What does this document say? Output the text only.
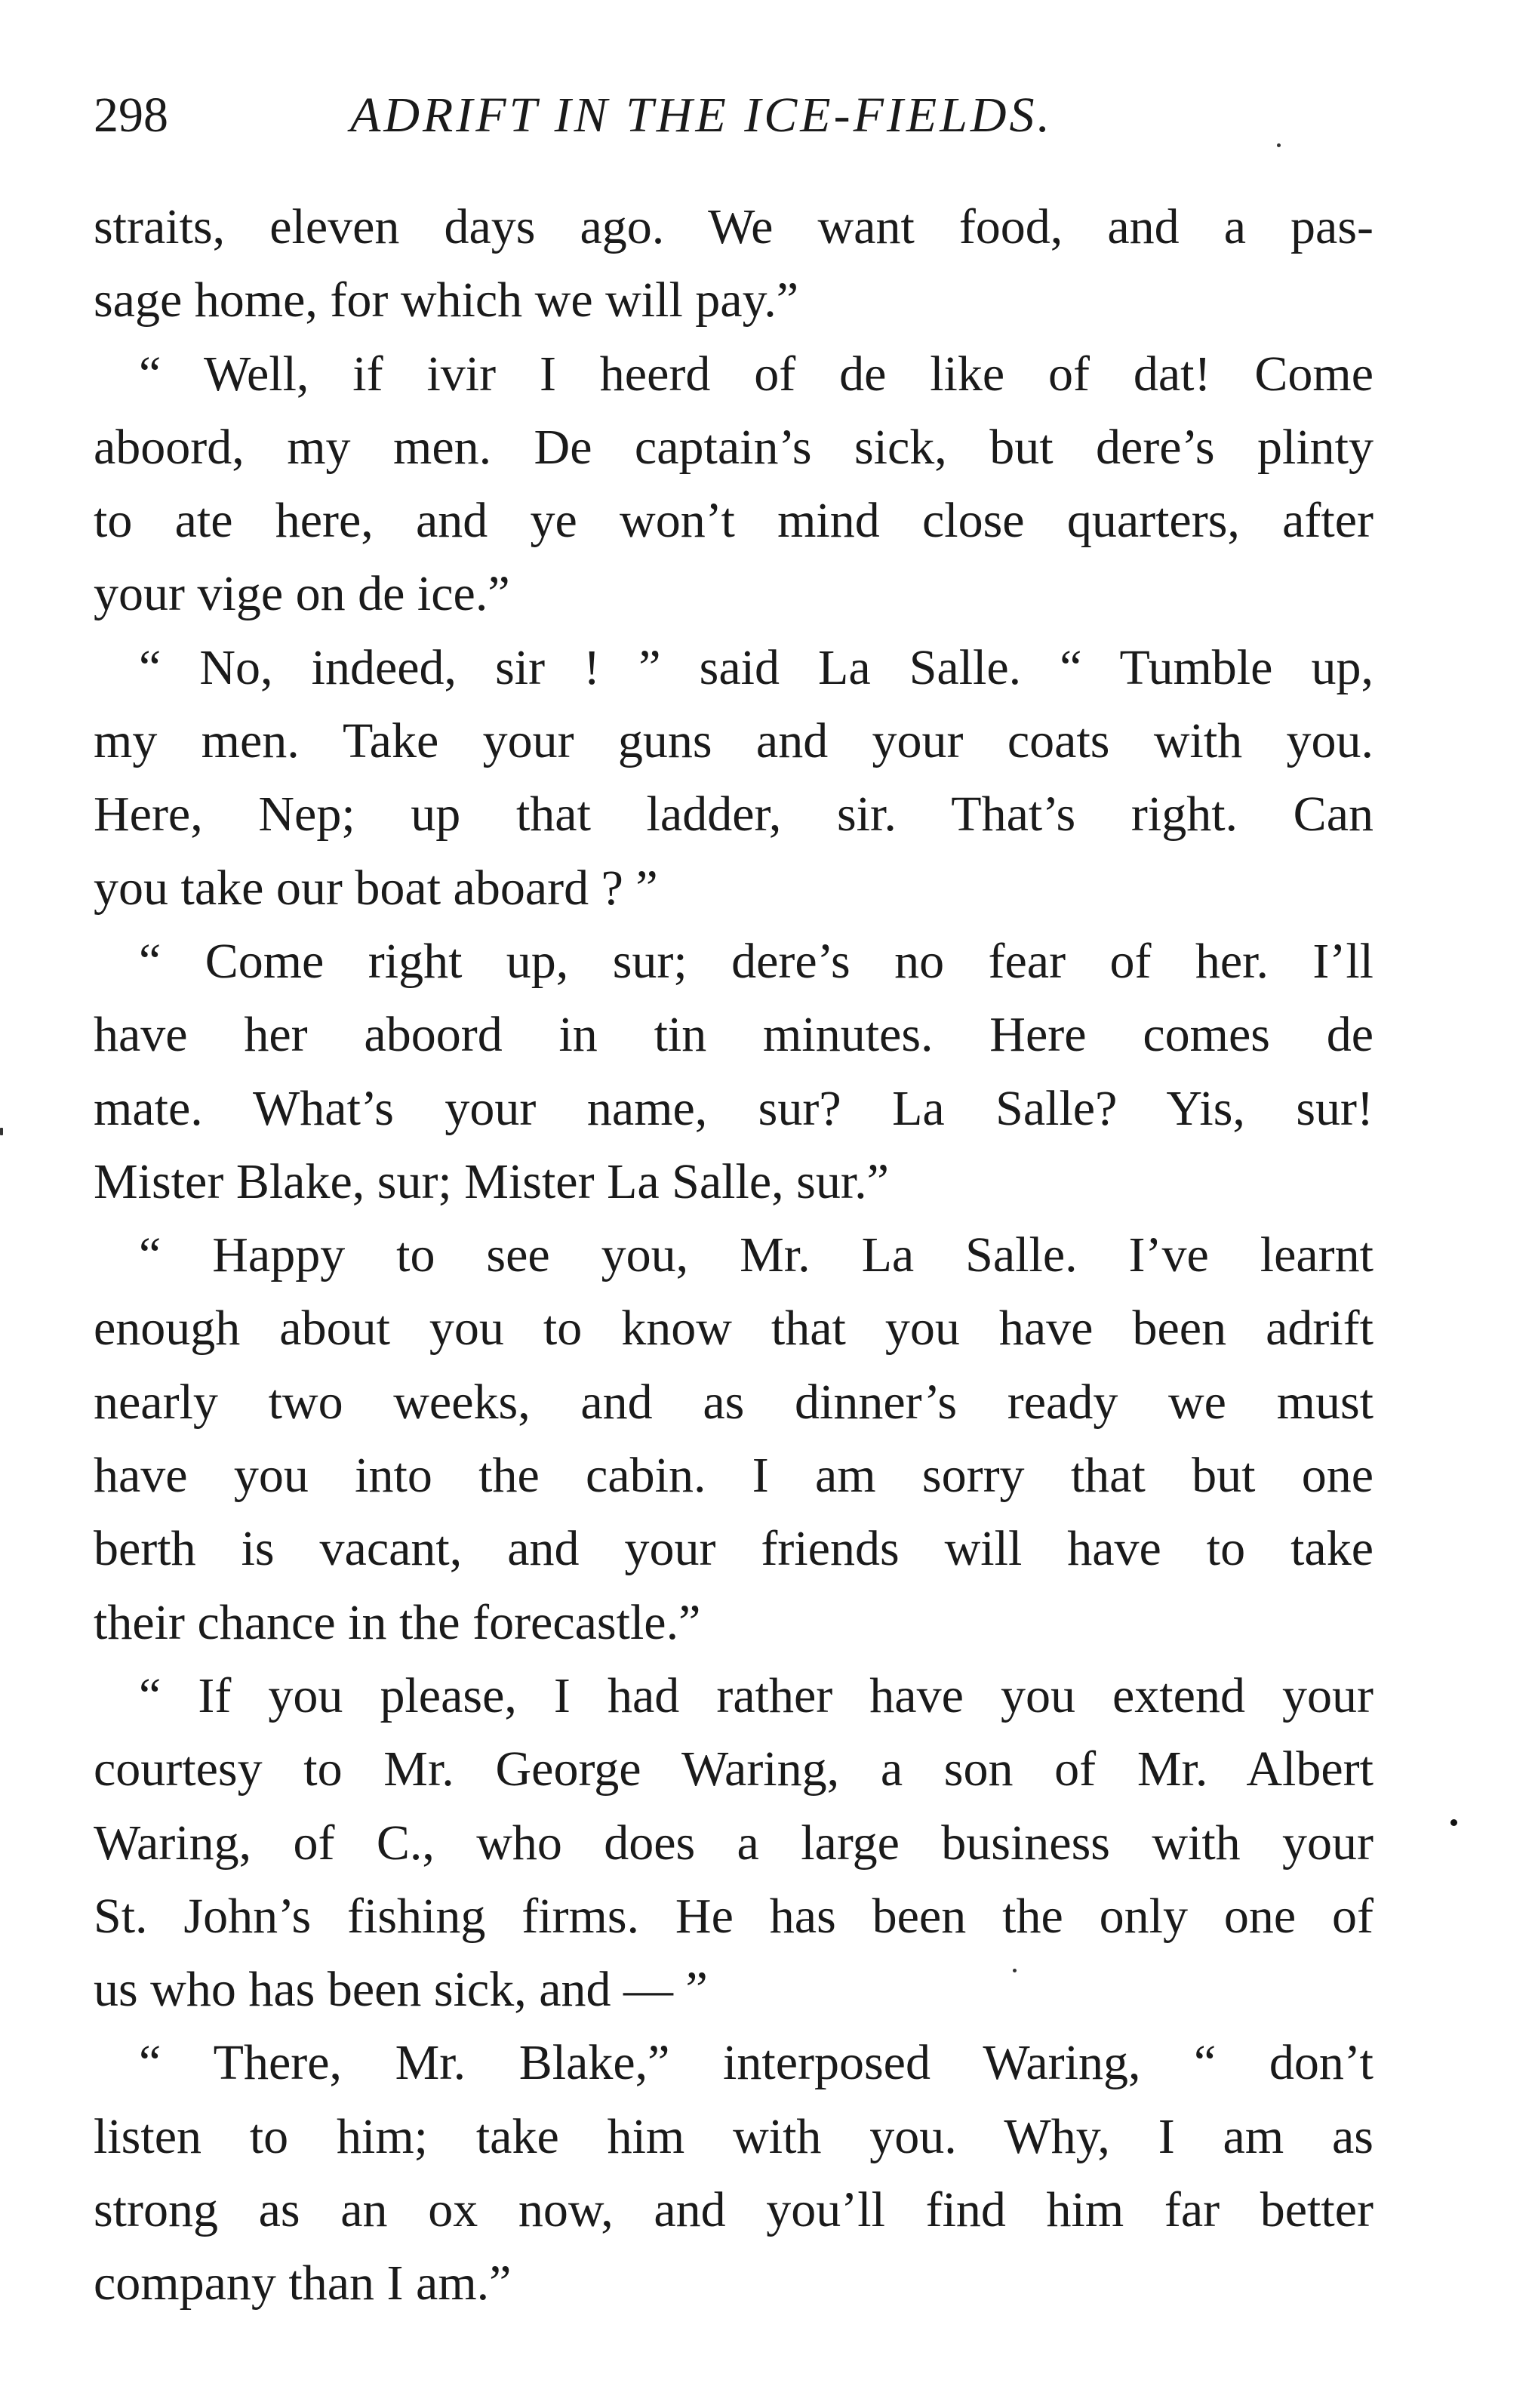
298	ADRIFT IN THE ICE-FIELDS.
straits, eleven days ago. We want food, and a pas-
sage home, for which we will pay.”
“ Well, if ivir I heerd of de like of dat! Come
aboord, my men. De captain’s sick, but dere’s plinty
to ate here, and ye won’t mind close quarters, after
your vige on de ice.”
“ No, indeed, sir ! ” said La Salle. “ Tumble up,
my men. Take your guns and your coats with you.
Here, Nep; up that ladder, sir. That’s right. Can
you take our boat aboard ? ”
“ Come right up, sur; dere’s no fear of her. I’ll
have her aboord in tin minutes. Here comes de
mate. What’s your name, sur? La Salle? Yis, sur!
Mister Blake, sur; Mister La Salle, sur.”
“ Happy to see you, Mr. La Salle. I’ve learnt
enough about you to know that you have been adrift
nearly two weeks, and as dinner’s ready we must
have you into the cabin. I am sorry that but one
berth is vacant, and your friends will have to take
their chance in the forecastle.”
“ If you please, I had rather have you extend your
courtesy to Mr. George Waring, a son of Mr. Albert
Waring, of C., who does a large business with your
St. John’s fishing firms. He has been the only one of
us who has been sick, and — ”
“ There, Mr. Blake,” interposed Waring, “ don’t
listen to him; take him with you. Why, I am as
strong as an ox now, and you’ll find him far better
company than I am.”
